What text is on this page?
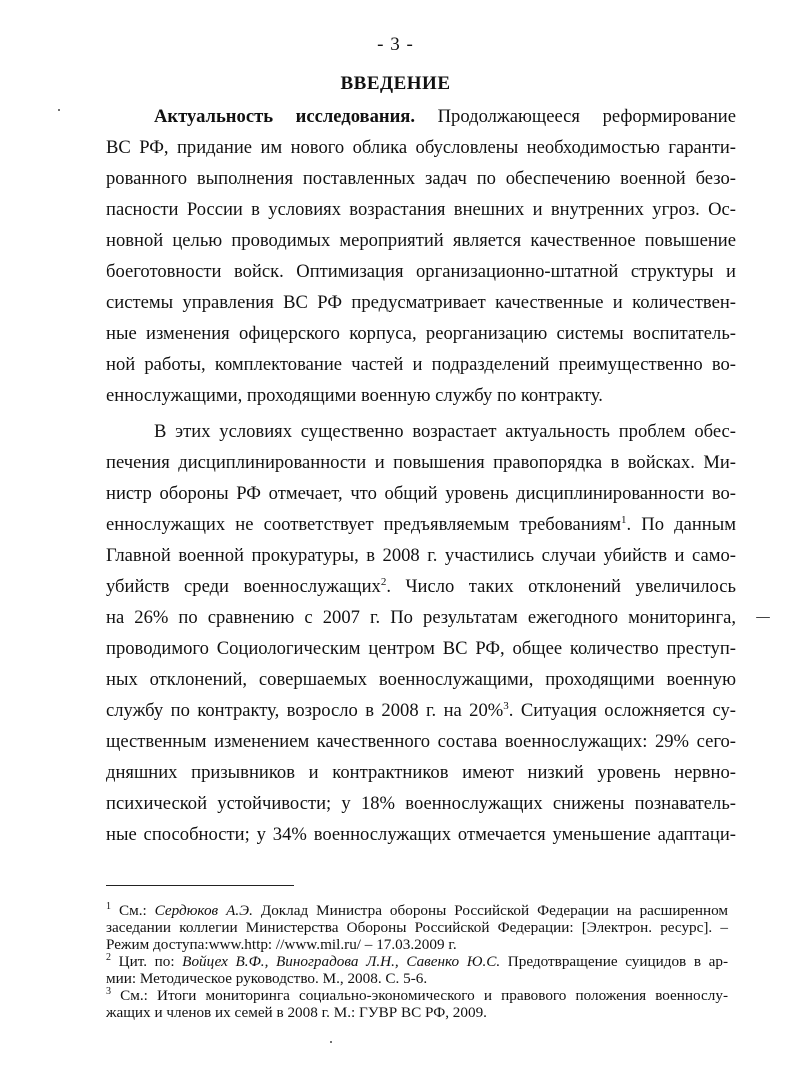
- 3 -
ВВЕДЕНИЕ
Актуальность исследования. Продолжающееся реформирование
ВС РФ, придание им нового облика обусловлены необходимостью гаранти-
рованного выполнения поставленных задач по обеспечению военной безо-
пасности России в условиях возрастания внешних и внутренних угроз. Ос-
новной целью проводимых мероприятий является качественное повышение
боеготовности войск. Оптимизация организационно-штатной структуры и
системы управления ВС РФ предусматривает качественные и количествен-
ные изменения офицерского корпуса, реорганизацию системы воспитатель-
ной работы, комплектование частей и подразделений преимущественно во-
еннослужащими, проходящими военную службу по контракту.
В этих условиях существенно возрастает актуальность проблем обес-
печения дисциплинированности и повышения правопорядка в войсках. Ми-
нистр обороны РФ отмечает, что общий уровень дисциплинированности во-
еннослужащих не соответствует предъявляемым требованиям$^1$. По данным
Главной военной прокуратуры, в 2008 г. участились случаи убийств и само-
убийств среди военнослужащих$^2$. Число таких отклонений увеличилось
на 26% по сравнению с 2007 г. По результатам ежегодного мониторинга,
проводимого Социологическим центром ВС РФ, общее количество преступ-
ных отклонений, совершаемых военнослужащими, проходящими военную
службу по контракту, возросло в 2008 г. на 20%$^3$. Ситуация осложняется су-
щественным изменением качественного состава военнослужащих: 29% сего-
дняшних призывников и контрактников имеют низкий уровень нервно-
психической устойчивости; у 18% военнослужащих снижены познаватель-
ные способности; у 34% военнослужащих отмечается уменьшение адаптаци-
$^1$ См.: Сердюков А.Э. Доклад Министра обороны Российской Федерации на расширенном
заседании коллегии Министерства Обороны Российской Федерации: [Электрон. ресурс]. –
Режим доступа:www.http: //www.mil.ru/ – 17.03.2009 г.
$^2$ Цит. по: Войцех В.Ф., Виноградова Л.Н., Савенко Ю.С. Предотвращение суицидов в ар-
мии: Методическое руководство. М., 2008. С. 5-6.
$^3$ См.: Итоги мониторинга социально-экономического и правового положения военнослу-
жащих и членов их семей в 2008 г. М.: ГУВР ВС РФ, 2009.
